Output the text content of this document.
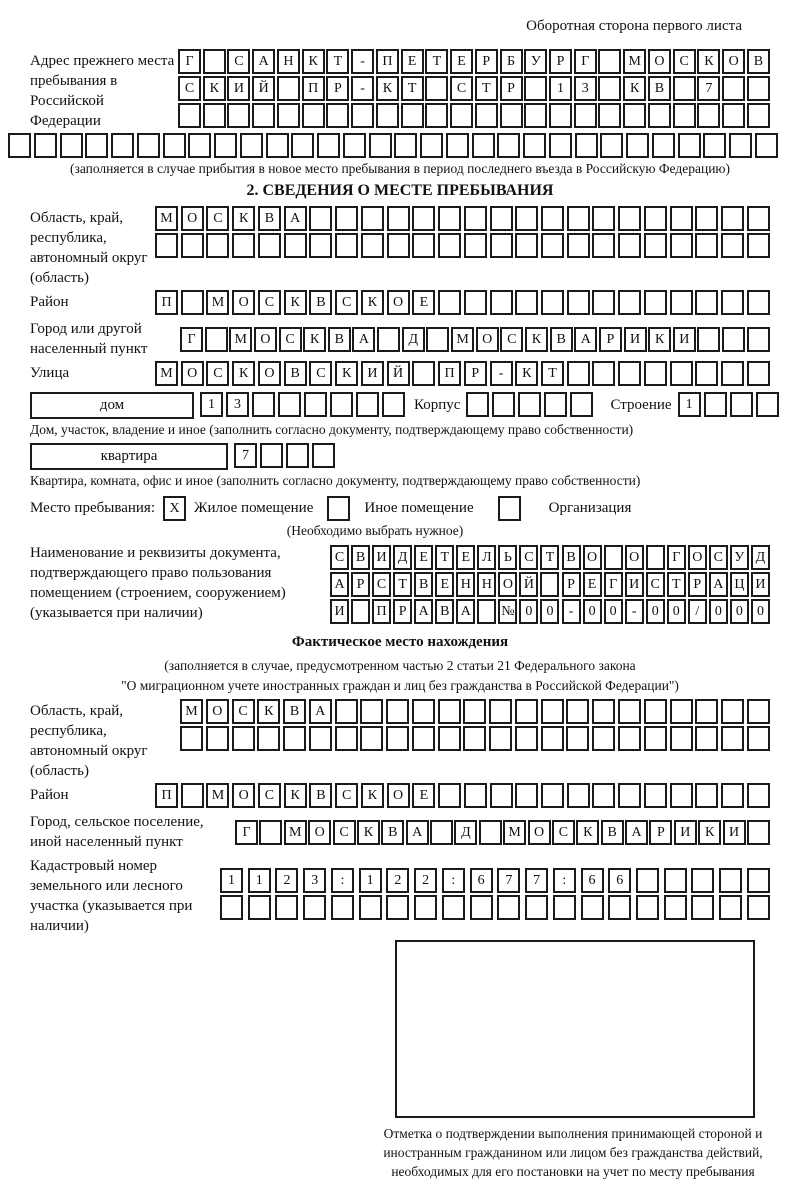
Оборотная сторона первого листа
Адрес прежнего места пребывания в Российской Федерации
Г	С	А	Н	К	Т	-	П	Е	Т	Е	Р	Б	У	Р	Г	М О	С	К	О	В
С	К	И	Й	П	Р	-	К	Т	С	Т	Р	1	3	К	В	7
(заполняется в случае прибытия в новое место пребывания в период последнего въезда в Российскую Федерацию)
2. СВЕДЕНИЯ О МЕСТЕ ПРЕБЫВАНИЯ
Область, край, республика, автономный округ (область)
М	О	С	К	В	А
Район	П	М	О	С	К	В	С	К	О	Е
Город или другой населенный пункт
Г	М О	С	К	В	А	Д	М О	С	К	В	А	Р	И	К	И
Улица	М	О	С	К	О	В	С	К	И	Й	П	Р	-	К	Т
дом	1	3	Корпус	Строение	1
Дом, участок, владение и иное (заполнить согласно документу, подтверждающему право собственности)
квартира	7
Квартира, комната, офис и иное (заполнить согласно документу, подтверждающему право собственности)
Место пребывания:	X Жилое помещение	Иное помещение	Организация
(Необходимо выбрать нужное)
Наименование и реквизиты документа, подтверждающего право пользования помещением (строением, сооружением) (указывается при наличии)
С В И Д Е Т Е Л Ь С Т В О	О	Г О С У Д
А Р С Т В Е Н Н О Й	Р Е Г И С Т Р А Ц И
И	П Р А В А	№ 0	0	-	0	0	-	0	0	/	0	0	0
Фактическое место нахождения
(заполняется в случае, предусмотренном частью 2 статьи 21 Федерального закона
"О миграционном учете иностранных граждан и лиц без гражданства в Российской Федерации")
Область, край, республика, автономный округ (область)
М	О	С	К	В	А
Район	П	М	О	С	К	В	С	К	О	Е
Город, сельское поселение, иной населенный пункт
Г	М О	С	К	В	А	Д	М О	С	К	В	А	Р	И	К	И
Кадастровый номер земельного или лесного участка (указывается при наличии)
1	1	2	3	:	1	2	2	:	6	7	7	:	6	6
Отметка о подтверждении выполнения принимающей стороной и иностранным гражданином или лицом без гражданства действий, необходимых для его постановки на учет по месту пребывания
